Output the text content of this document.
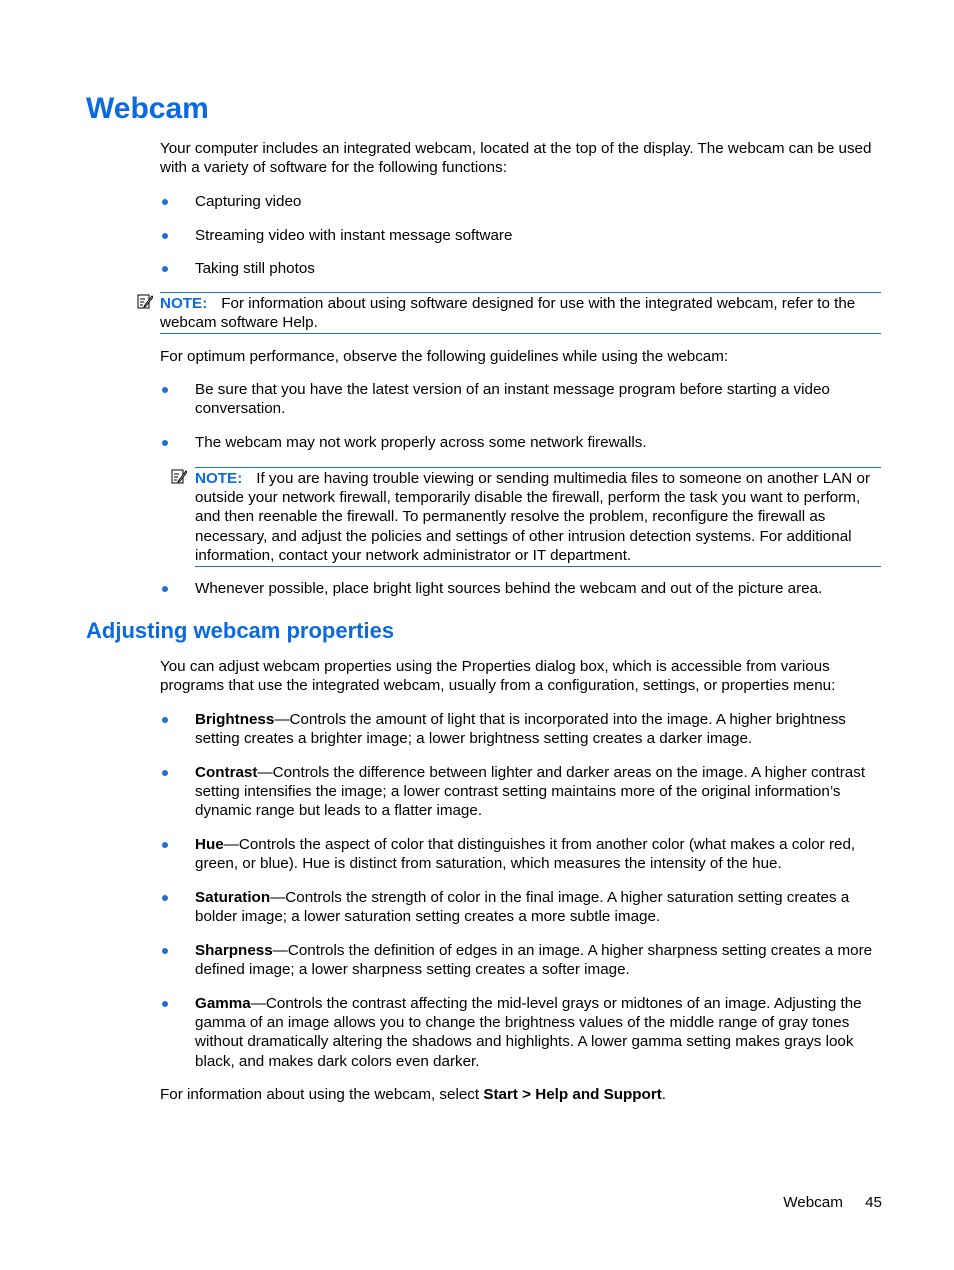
Webcam

Your computer includes an integrated webcam, located at the top of the display. The webcam can be used with a variety of software for the following functions:

Capturing video
Streaming video with instant message software
Taking still photos
NOTE: For information about using software designed for use with the integrated webcam, refer to the webcam software Help.

For optimum performance, observe the following guidelines while using the webcam:

Be sure that you have the latest version of an instant message program before starting a video conversation.
The webcam may not work properly across some network firewalls.
NOTE: If you are having trouble viewing or sending multimedia files to someone on another LAN or outside your network firewall, temporarily disable the firewall, perform the task you want to perform, and then reenable the firewall. To permanently resolve the problem, reconfigure the firewall as necessary, and adjust the policies and settings of other intrusion detection systems. For additional information, contact your network administrator or IT department.
Whenever possible, place bright light sources behind the webcam and out of the picture area.
Adjusting webcam properties

You can adjust webcam properties using the Properties dialog box, which is accessible from various programs that use the integrated webcam, usually from a configuration, settings, or properties menu:

Brightness—Controls the amount of light that is incorporated into the image. A higher brightness setting creates a brighter image; a lower brightness setting creates a darker image.
Contrast—Controls the difference between lighter and darker areas on the image. A higher contrast setting intensifies the image; a lower contrast setting maintains more of the original information’s dynamic range but leads to a flatter image.
Hue—Controls the aspect of color that distinguishes it from another color (what makes a color red, green, or blue). Hue is distinct from saturation, which measures the intensity of the hue.
Saturation—Controls the strength of color in the final image. A higher saturation setting creates a bolder image; a lower saturation setting creates a more subtle image.
Sharpness—Controls the definition of edges in an image. A higher sharpness setting creates a more defined image; a lower sharpness setting creates a softer image.
Gamma—Controls the contrast affecting the mid-level grays or midtones of an image. Adjusting the gamma of an image allows you to change the brightness values of the middle range of gray tones without dramatically altering the shadows and highlights. A lower gamma setting makes grays look black, and makes dark colors even darker.

For information about using the webcam, select Start > Help and Support.

Webcam 45
